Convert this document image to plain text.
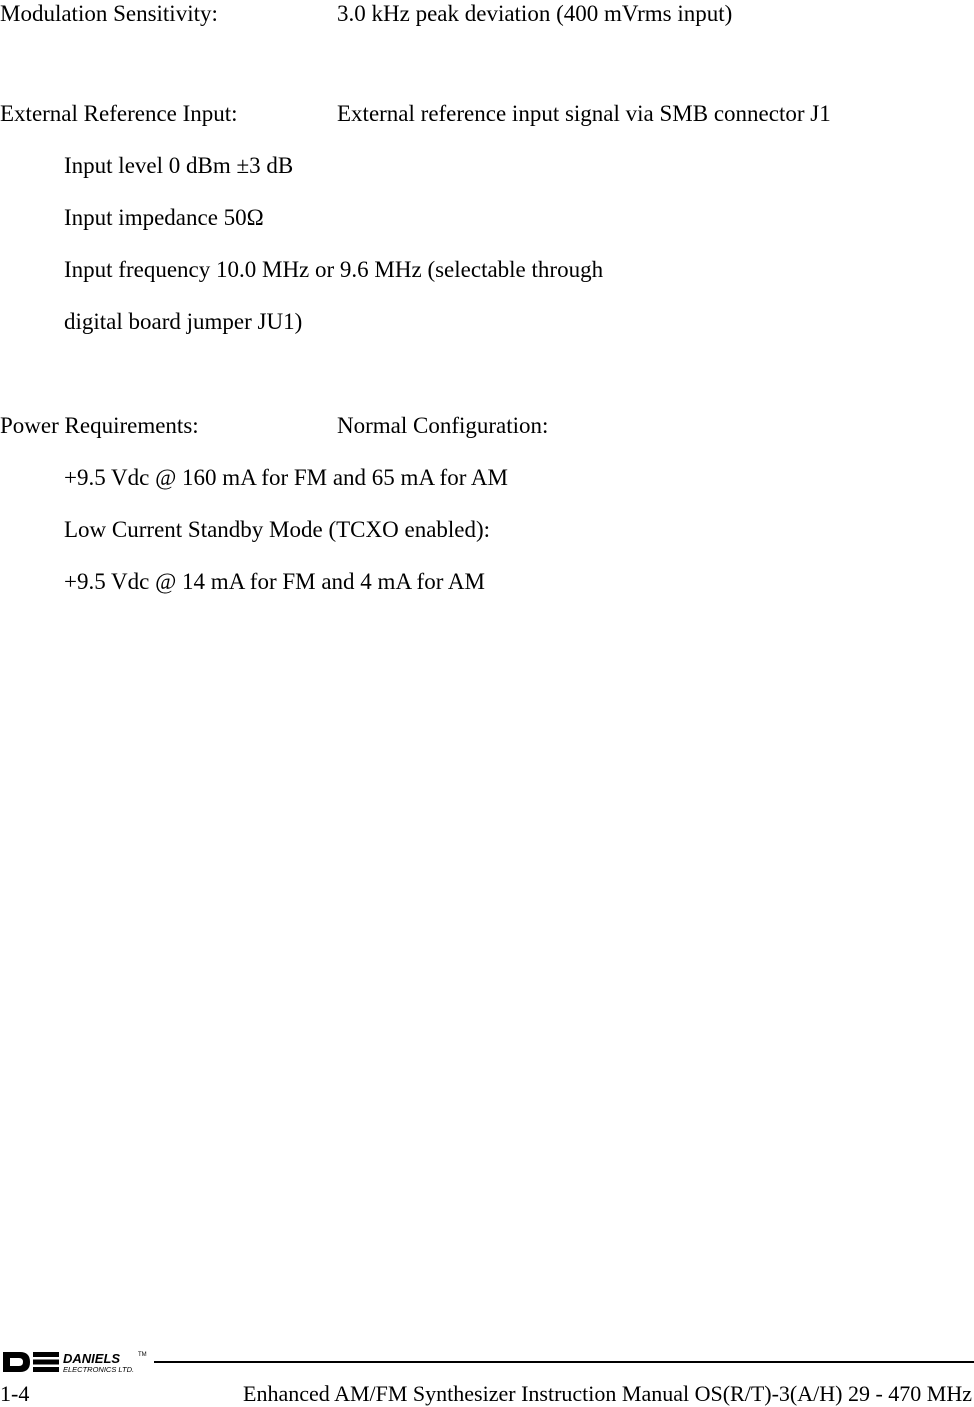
Modulation Sensitivity:	3.0 kHz peak deviation (400 mVrms input)
External Reference Input:	External reference input signal via SMB connector J1
Input level 0 dBm ±3 dB
Input impedance 50Ω
Input frequency 10.0 MHz or 9.6 MHz (selectable through
digital board jumper JU1)
Power Requirements:	Normal Configuration:
+9.5 Vdc @ 160 mA for FM and 65 mA for AM
Low Current Standby Mode (TCXO enabled):
+9.5 Vdc @ 14 mA for FM and 4 mA for AM
DANIELS	TM
ELECTRONICS LTD.
1-4	Enhanced AM/FM Synthesizer Instruction Manual OS(R/T)-3(A/H) 29 - 470 MHz
